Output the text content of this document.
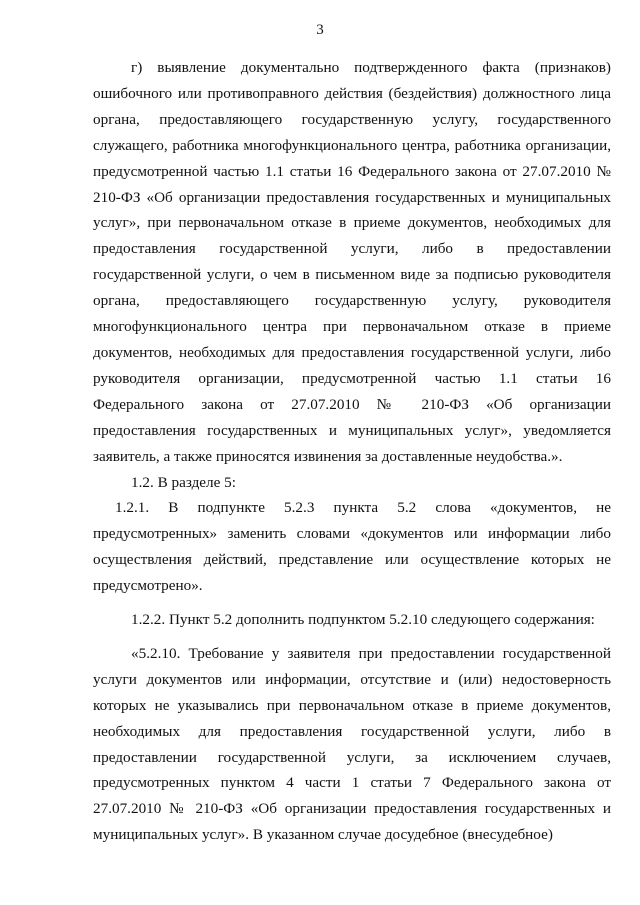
3

г) выявление документально подтвержденного факта (признаков) ошибочного или противоправного действия (бездействия) должностного лица органа, предоставляющего государственную услугу, государственного служащего, работника многофункционального центра, работника организации, предусмотренной частью 1.1 статьи 16 Федерального закона от 27.07.2010 № 210-ФЗ «Об организации предоставления государственных и муниципальных услуг», при первоначальном отказе в приеме документов, необходимых для предоставления государственной услуги, либо в предоставлении государственной услуги, о чем в письменном виде за подписью руководителя органа, предоставляющего государственную услугу, руководителя многофункционального центра при первоначальном отказе в приеме документов, необходимых для предоставления государственной услуги, либо руководителя организации, предусмотренной частью 1.1 статьи 16 Федерального закона от 27.07.2010 № 210-ФЗ «Об организации предоставления государственных и муниципальных услуг», уведомляется заявитель, а также приносятся извинения за доставленные неудобства.».

1.2. В разделе 5:

1.2.1. В подпункте 5.2.3 пункта 5.2 слова «документов, не предусмотренных» заменить словами «документов или информации либо осуществления действий, представление или осуществление которых не предусмотрено».

1.2.2. Пункт 5.2 дополнить подпунктом 5.2.10 следующего содержания:

«5.2.10. Требование у заявителя при предоставлении государственной услуги документов или информации, отсутствие и (или) недостоверность которых не указывались при первоначальном отказе в приеме документов, необходимых для предоставления государственной услуги, либо в предоставлении государственной услуги, за исключением случаев, предусмотренных пунктом 4 части 1 статьи 7 Федерального закона от 27.07.2010 № 210-ФЗ «Об организации предоставления государственных и муниципальных услуг». В указанном случае досудебное (внесудебное)
